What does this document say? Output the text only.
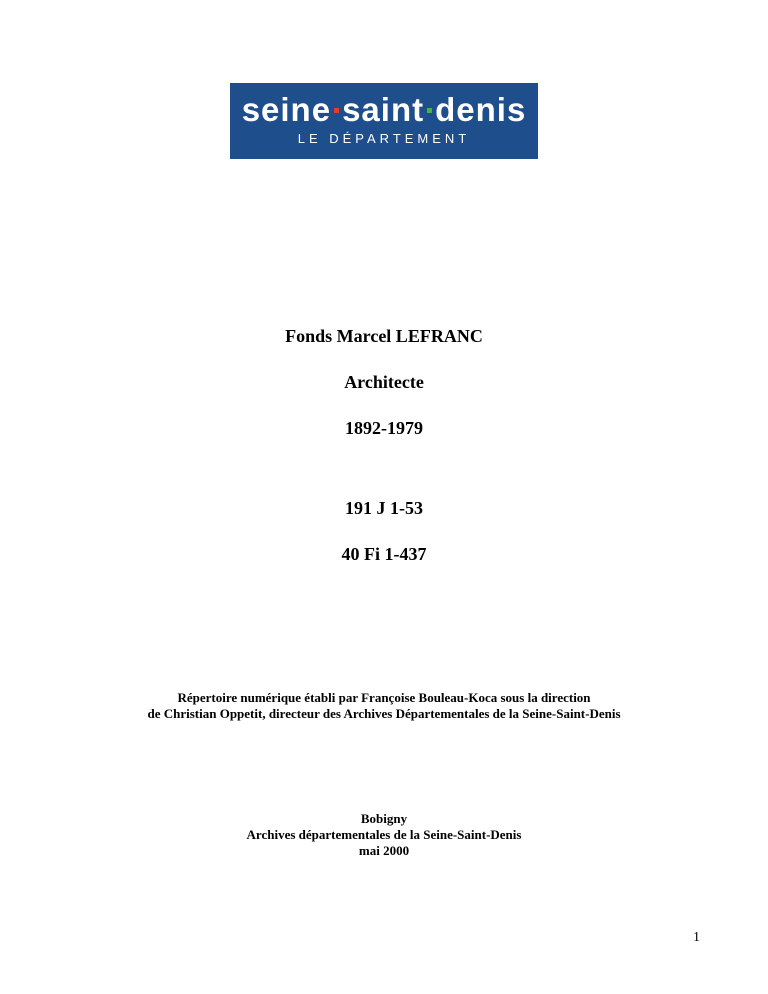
seine saint denis
LE DÉPARTEMENT
Fonds Marcel LEFRANC
Architecte
1892-1979
191 J 1-53
40 Fi 1-437
Répertoire numérique établi par Françoise Bouleau-Koca sous la direction
de Christian Oppetit, directeur des Archives Départementales de la Seine-Saint-Denis
Bobigny
Archives départementales de la Seine-Saint-Denis
mai 2000
1
